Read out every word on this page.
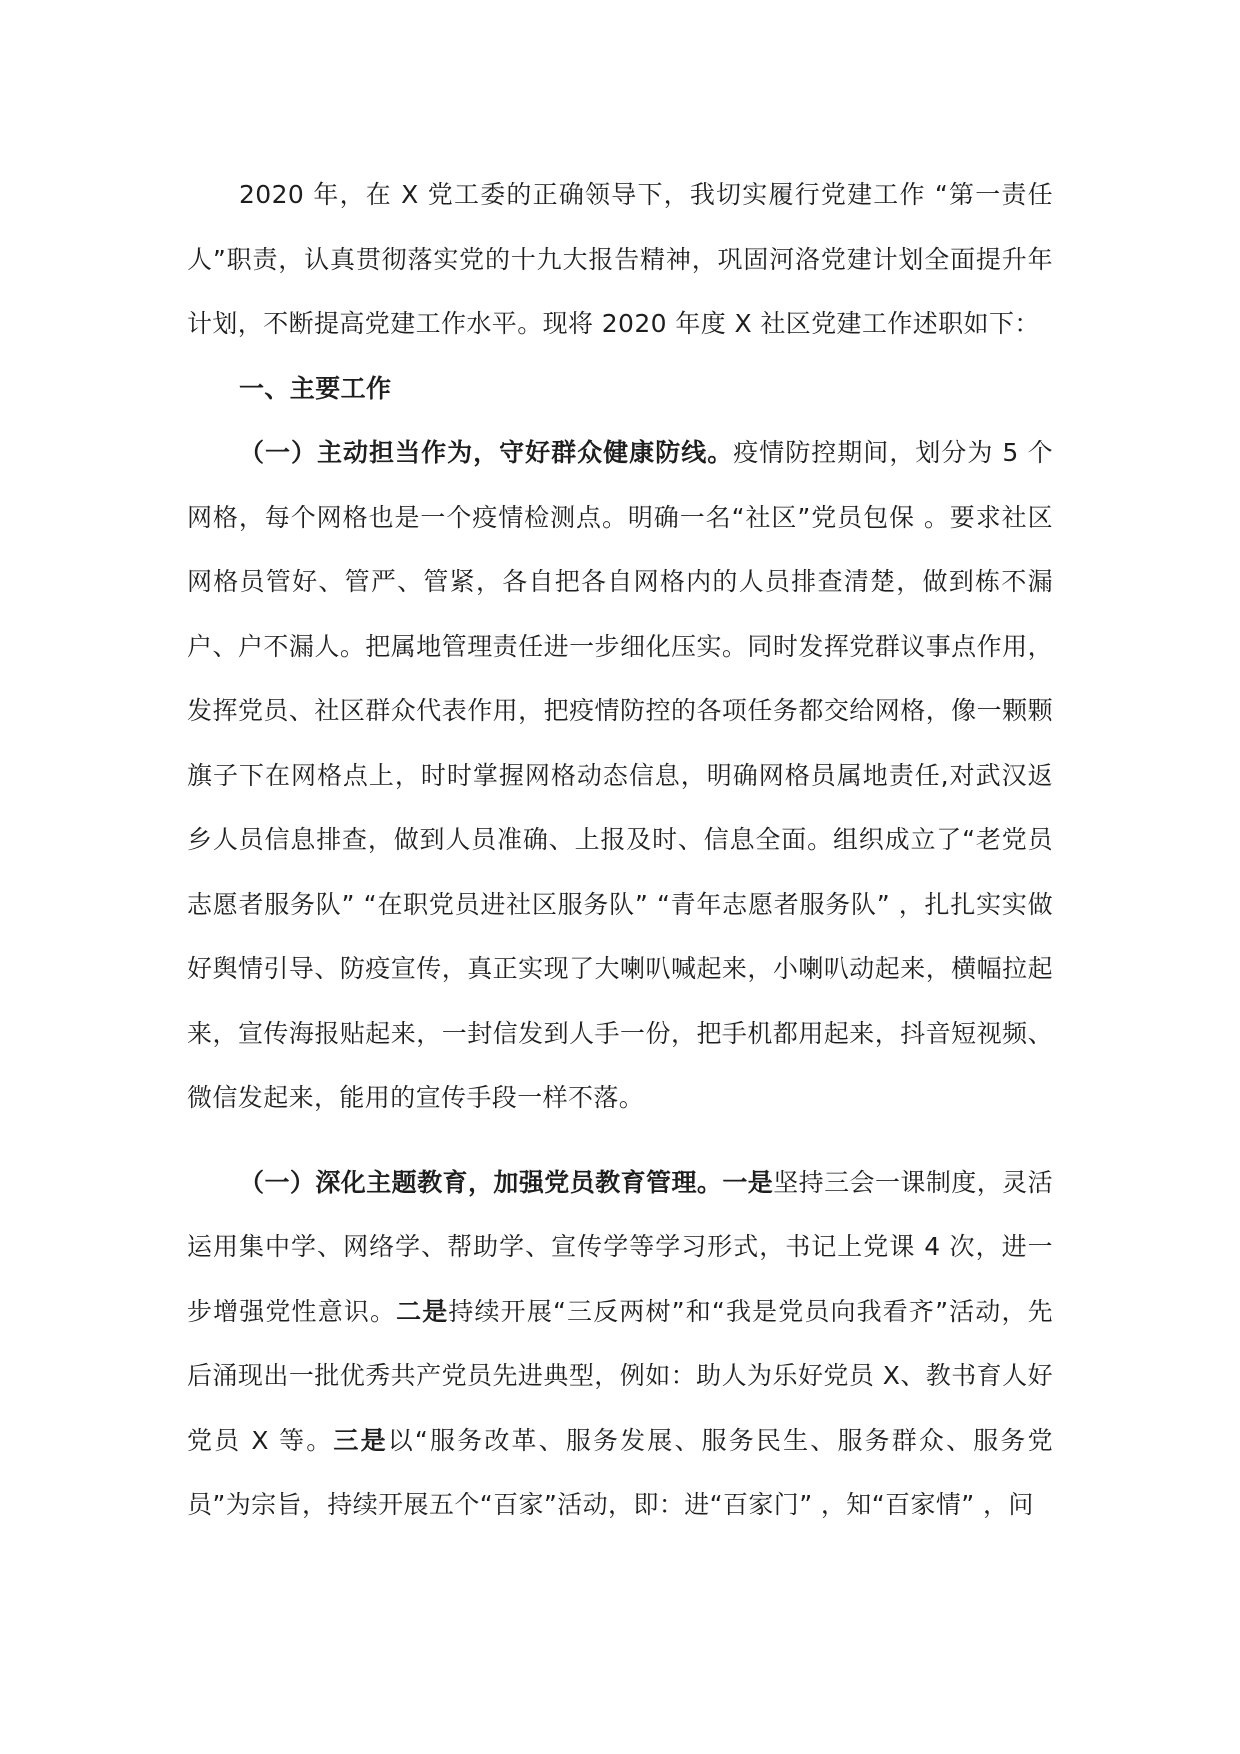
2020 年，在 X 党工委的正确领导下，我切实履行党建工作 “第一责任人”职责，认真贯彻落实党的十九大报告精神，巩固河洛党建计划全面提升年计划，不断提高党建工作水平。现将 2020 年度 X 社区党建工作述职如下：

一、主要工作

（一）主动担当作为，守好群众健康防线。疫情防控期间，划分为 5 个网格，每个网格也是一个疫情检测点。明确一名“社区”党员包保 。要求社区网格员管好、管严、管紧，各自把各自网格内的人员排查清楚，做到栋不漏户、户不漏人。把属地管理责任进一步细化压实。同时发挥党群议事点作用，发挥党员、社区群众代表作用，把疫情防控的各项任务都交给网格，像一颗颗旗子下在网格点上，时时掌握网格动态信息，明确网格员属地责任,对武汉返乡人员信息排查，做到人员准确、上报及时、信息全面。组织成立了“老党员志愿者服务队” “在职党员进社区服务队” “青年志愿者服务队” ，扎扎实实做好舆情引导、防疫宣传，真正实现了大喇叭喊起来，小喇叭动起来，横幅拉起来，宣传海报贴起来，一封信发到人手一份，把手机都用起来，抖音短视频、微信发起来，能用的宣传手段一样不落。

（一）深化主题教育，加强党员教育管理。一是坚持三会一课制度，灵活运用集中学、网络学、帮助学、宣传学等学习形式，书记上党课 4 次，进一步增强党性意识。二是持续开展“三反两树”和“我是党员向我看齐”活动，先后涌现出一批优秀共产党员先进典型，例如：助人为乐好党员 X、教书育人好党员 X 等。三是以“服务改革、服务发展、服务民生、服务群众、服务党员”为宗旨，持续开展五个“百家”活动，即：进“百家门” ，知“百家情” ，问
